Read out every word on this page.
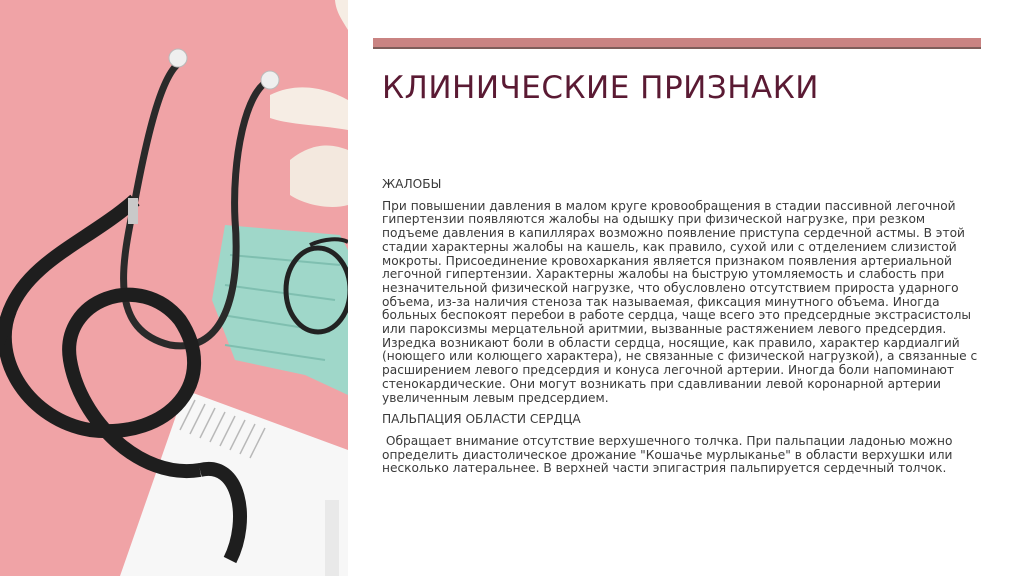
КЛИНИЧЕСКИЕ ПРИЗНАКИ

ЖАЛОБЫ

При повышении давления в малом круге кровообращения в стадии пассивной легочной гипертензии появляются жалобы на одышку при физической нагрузке, при резком подъеме давления в капиллярах возможно появление приступа сердечной астмы. В этой стадии характерны жалобы на кашель, как правило, сухой или с отделением слизистой мокроты. Присоединение кровохаркания является признаком появления артериальной легочной гипертензии. Характерны жалобы на быструю утомляемость и слабость при незначительной физической нагрузке, что обусловлено отсутствием прироста ударного объема, из-за наличия стеноза так называемая, фиксация минутного объема. Иногда больных беспокоят перебои в работе сердца, чаще всего это предсердные экстрасистолы или пароксизмы мерцательной аритмии, вызванные растяжением левого предсердия. Изредка возникают боли в области сердца, носящие, как правило, характер кардиалгий (ноющего или колющего характера), не связанные с физической нагрузкой), а связанные с расширением левого предсердия и конуса легочной артерии. Иногда боли напоминают стенокардические. Они могут возникать при сдавливании левой коронарной артерии увеличенным левым предсердием.

ПАЛЬПАЦИЯ ОБЛАСТИ СЕРДЦА

Обращает внимание отсутствие верхушечного толчка. При пальпации ладонью можно определить диастолическое дрожание "Кошачье мурлыканье" в области верхушки или несколько латеральнее. В верхней части эпигастрия пальпируется сердечный толчок.
